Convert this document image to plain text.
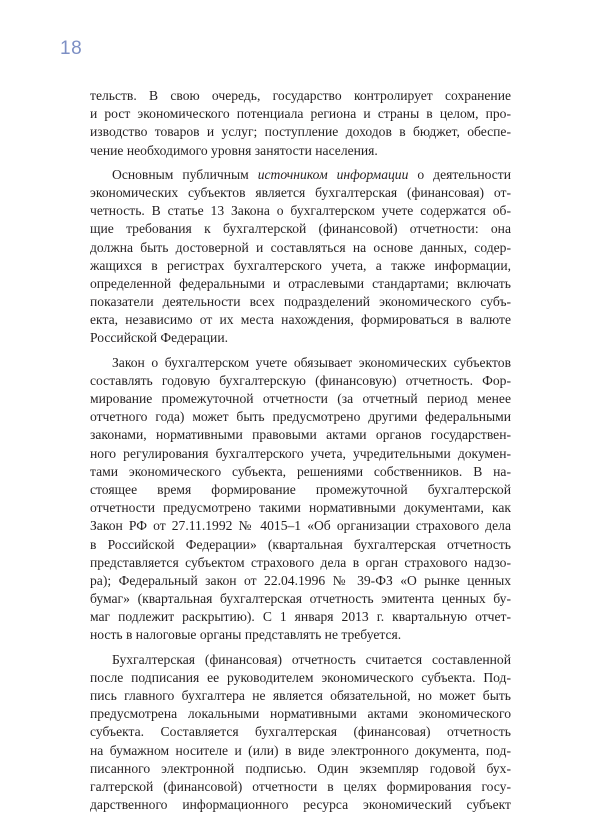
18
тельств. В свою очередь, государство контролирует сохранение
и рост экономического потенциала региона и страны в целом, про-
изводство товаров и услуг; поступление доходов в бюджет, обеспе-
чение необходимого уровня занятости населения.
Основным публичным источником информации о деятельности
экономических субъектов является бухгалтерская (финансовая) от-
четность. В статье 13 Закона о бухгалтерском учете содержатся об-
щие требования к бухгалтерской (финансовой) отчетности: она
должна быть достоверной и составляться на основе данных, содер-
жащихся в регистрах бухгалтерского учета, а также информации,
определенной федеральными и отраслевыми стандартами; включать
показатели деятельности всех подразделений экономического субъ-
екта, независимо от их места нахождения, формироваться в валюте
Российской Федерации.
Закон о бухгалтерском учете обязывает экономических субъектов
составлять годовую бухгалтерскую (финансовую) отчетность. Фор-
мирование промежуточной отчетности (за отчетный период менее
отчетного года) может быть предусмотрено другими федеральными
законами, нормативными правовыми актами органов государствен-
ного регулирования бухгалтерского учета, учредительными докумен-
тами экономического субъекта, решениями собственников. В на-
стоящее время формирование промежуточной бухгалтерской
отчетности предусмотрено такими нормативными документами, как
Закон РФ от 27.11.1992 № 4015–1 «Об организации страхового дела
в Российской Федерации» (квартальная бухгалтерская отчетность
представляется субъектом страхового дела в орган страхового надзо-
ра); Федеральный закон от 22.04.1996 № 39-ФЗ «О рынке ценных
бумаг» (квартальная бухгалтерская отчетность эмитента ценных бу-
маг подлежит раскрытию). С 1 января 2013 г. квартальную отчет-
ность в налоговые органы представлять не требуется.
Бухгалтерская (финансовая) отчетность считается составленной
после подписания ее руководителем экономического субъекта. Под-
пись главного бухгалтера не является обязательной, но может быть
предусмотрена локальными нормативными актами экономического
субъекта. Составляется бухгалтерская (финансовая) отчетность
на бумажном носителе и (или) в виде электронного документа, под-
писанного электронной подписью. Один экземпляр годовой бух-
галтерской (финансовой) отчетности в целях формирования госу-
дарственного информационного ресурса экономический субъект
